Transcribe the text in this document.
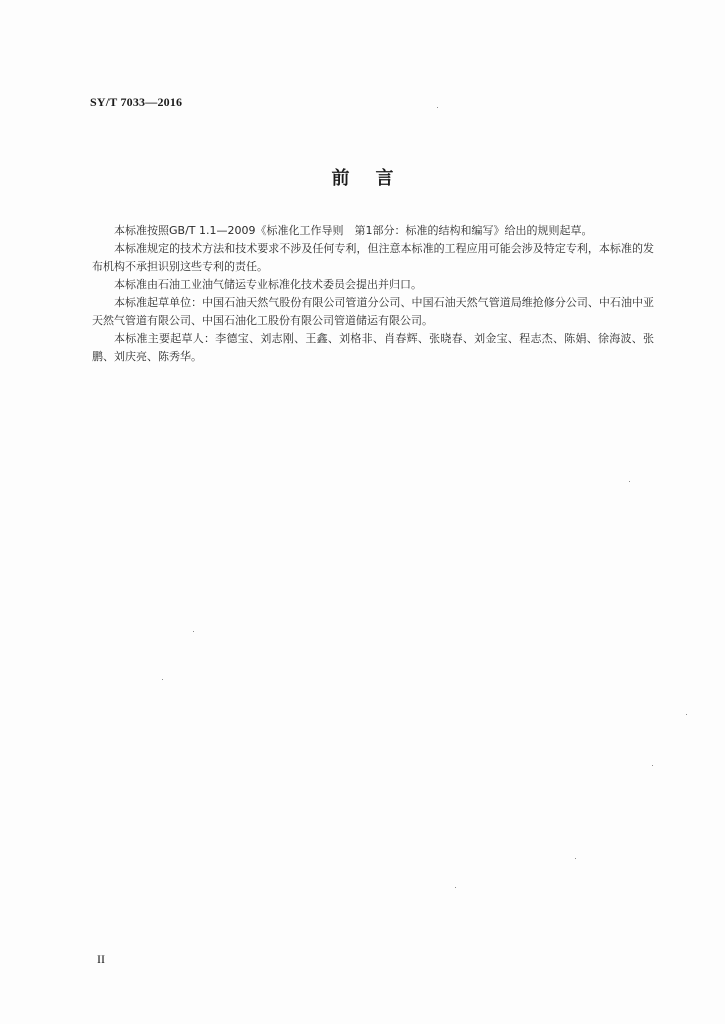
SY/T 7033—2016
前言

本标准按照GB/T 1.1—2009《标准化工作导则　第1部分：标准的结构和编写》给出的规则起草。

本标准规定的技术方法和技术要求不涉及任何专利，但注意本标准的工程应用可能会涉及特定专利，本标准的发布机构不承担识别这些专利的责任。

本标准由石油工业油气储运专业标准化技术委员会提出并归口。

本标准起草单位：中国石油天然气股份有限公司管道分公司、中国石油天然气管道局维抢修分公司、中石油中亚天然气管道有限公司、中国石油化工股份有限公司管道储运有限公司。

本标准主要起草人：李德宝、刘志刚、王鑫、刘格非、肖春辉、张晓春、刘金宝、程志杰、陈娟、徐海波、张鹏、刘庆亮、陈秀华。

II
